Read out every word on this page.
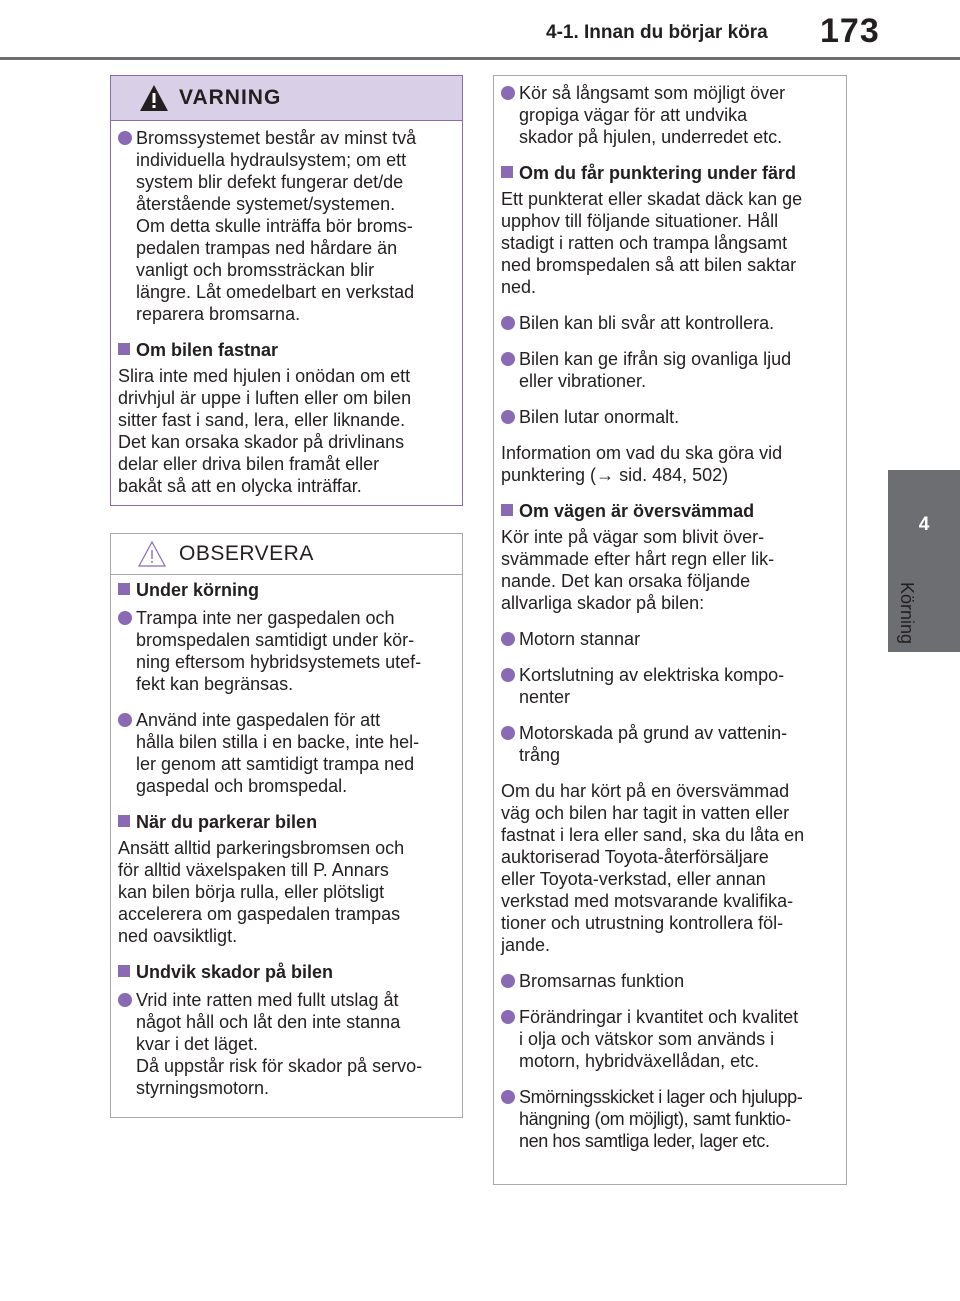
4-1. Innan du börjar köra 173
4
Körning
VARNING
Bromssystemet består av minst två
individuella hydraulsystem; om ett
system blir defekt fungerar det/de
återstående systemet/systemen.
Om detta skulle inträffa bör broms-
pedalen trampas ned hårdare än
vanligt och bromssträckan blir
längre. Låt omedelbart en verkstad
reparera bromsarna.
Om bilen fastnar
Slira inte med hjulen i onödan om ett
drivhjul är uppe i luften eller om bilen
sitter fast i sand, lera, eller liknande.
Det kan orsaka skador på drivlinans
delar eller driva bilen framåt eller
bakåt så att en olycka inträffar.
OBSERVERA
Under körning
Trampa inte ner gaspedalen och
bromspedalen samtidigt under kör-
ning eftersom hybridsystemets utef-
fekt kan begränsas.
Använd inte gaspedalen för att
hålla bilen stilla i en backe, inte hel-
ler genom att samtidigt trampa ned
gaspedal och bromspedal.
När du parkerar bilen
Ansätt alltid parkeringsbromsen och
för alltid växelspaken till P. Annars
kan bilen börja rulla, eller plötsligt
accelerera om gaspedalen trampas
ned oavsiktligt.
Undvik skador på bilen
Vrid inte ratten med fullt utslag åt
något håll och låt den inte stanna
kvar i det läget.
Då uppstår risk för skador på servo-
styrningsmotorn.
Kör så långsamt som möjligt över
gropiga vägar för att undvika
skador på hjulen, underredet etc.
Om du får punktering under färd
Ett punkterat eller skadat däck kan ge
upphov till följande situationer. Håll
stadigt i ratten och trampa långsamt
ned bromspedalen så att bilen saktar
ned.
Bilen kan bli svår att kontrollera.
Bilen kan ge ifrån sig ovanliga ljud
eller vibrationer.
Bilen lutar onormalt.
Information om vad du ska göra vid
punktering (→ sid. 484, 502)
Om vägen är översvämmad
Kör inte på vägar som blivit över-
svämmade efter hårt regn eller lik-
nande. Det kan orsaka följande
allvarliga skador på bilen:
Motorn stannar
Kortslutning av elektriska kompo-
nenter
Motorskada på grund av vattenin-
trång
Om du har kört på en översvämmad
väg och bilen har tagit in vatten eller
fastnat i lera eller sand, ska du låta en
auktoriserad Toyota-återförsäljare
eller Toyota-verkstad, eller annan
verkstad med motsvarande kvalifika-
tioner och utrustning kontrollera föl-
jande.
Bromsarnas funktion
Förändringar i kvantitet och kvalitet
i olja och vätskor som används i
motorn, hybridväxellådan, etc.
Smörningsskicket i lager och hjulupp-
hängning (om möjligt), samt funktio-
nen hos samtliga leder, lager etc.
